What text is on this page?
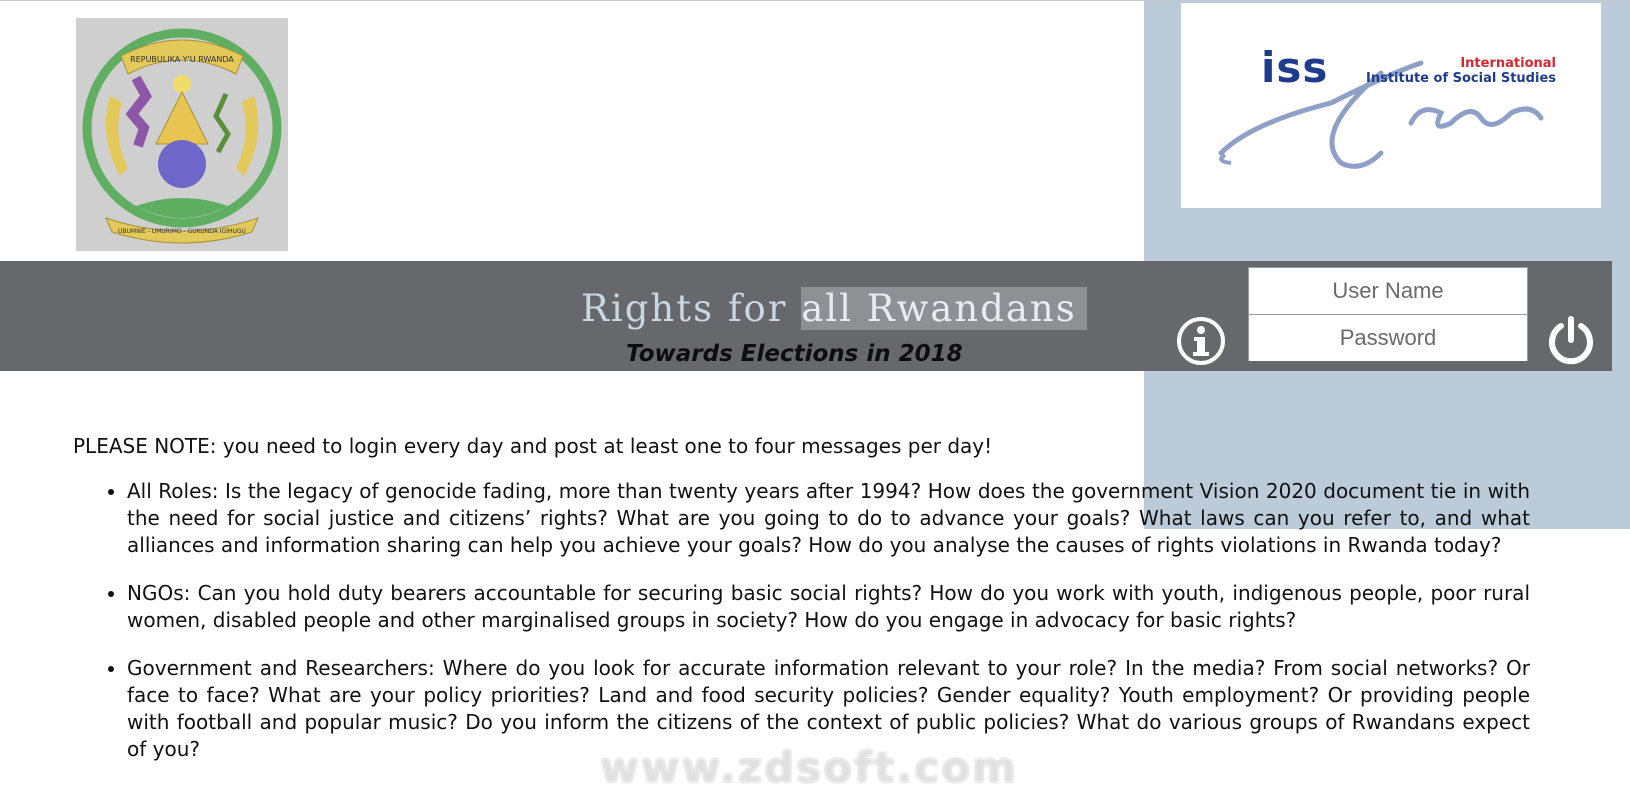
REPUBULIKA Y'U RWANDA
UBUMWE - UMURIMO - GUKUNDA IGIHUGU
iss	International
Institute of Social Studies
Rights for all Rwandans
Towards Elections in 2018
User Name

PLEASE NOTE: you need to login every day and post at least one to four messages per day!

• All Roles: Is the legacy of genocide fading, more than twenty years after 1994? How does the government Vision 2020 document tie in with the need for social justice and citizens’ rights? What are you going to do to advance your goals? What laws can you refer to, and what alliances and information sharing can help you achieve your goals? How do you analyse the causes of rights violations in Rwanda today?
• NGOs: Can you hold duty bearers accountable for securing basic social rights? How do you work with youth, indigenous people, poor rural women, disabled people and other marginalised groups in society? How do you engage in advocacy for basic rights?
• Government and Researchers: Where do you look for accurate information relevant to your role? In the media? From social networks? Or face to face? What are your policy priorities? Land and food security policies? Gender equality? Youth employment? Or providing people with football and popular music? Do you inform the citizens of the context of public policies? What do various groups of Rwandans expect of you?	www.zdsoft.com
